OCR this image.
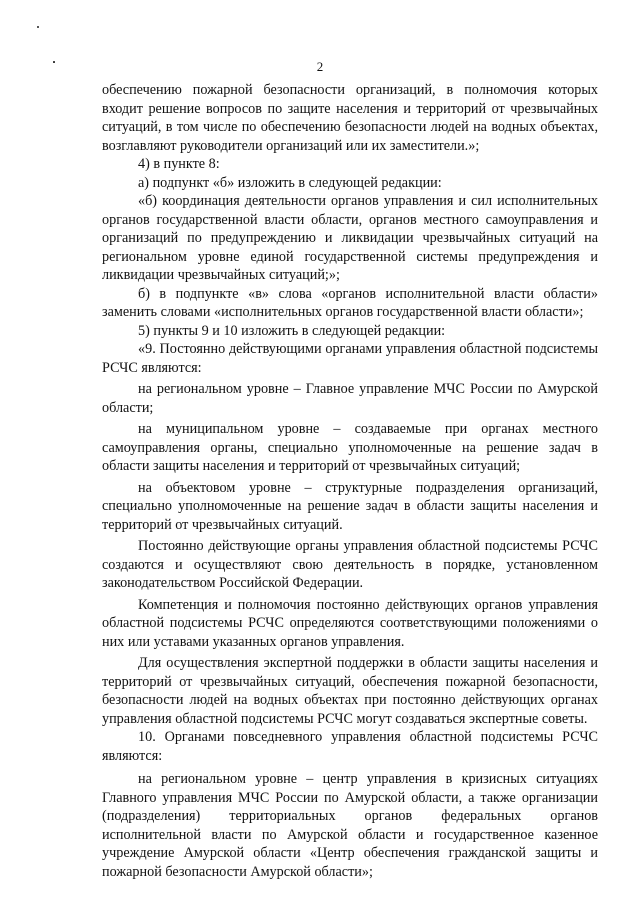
2

обеспечению пожарной безопасности организаций, в полномочия которых входит решение вопросов по защите населения и территорий от чрезвычайных ситуаций, в том числе по обеспечению безопасности людей на водных объектах, возглавляют руководители организаций или их заместители.»;

4) в пункте 8:

а) подпункт «б» изложить в следующей редакции:

«б) координация деятельности органов управления и сил исполнительных органов государственной власти области, органов местного самоуправления и организаций по предупреждению и ликвидации чрезвычайных ситуаций на региональном уровне единой государственной системы предупреждения и ликвидации чрезвычайных ситуаций;»;

б) в подпункте «в» слова «органов исполнительной власти области» заменить словами «исполнительных органов государственной власти области»;

5) пункты 9 и 10 изложить в следующей редакции:

«9. Постоянно действующими органами управления областной подсистемы РСЧС являются:

на региональном уровне – Главное управление МЧС России по Амурской области;

на муниципальном уровне – создаваемые при органах местного самоуправления органы, специально уполномоченные на решение задач в области защиты населения и территорий от чрезвычайных ситуаций;

на объектовом уровне – структурные подразделения организаций, специально уполномоченные на решение задач в области защиты населения и территорий от чрезвычайных ситуаций.

Постоянно действующие органы управления областной подсистемы РСЧС создаются и осуществляют свою деятельность в порядке, установленном законодательством Российской Федерации.

Компетенция и полномочия постоянно действующих органов управления областной подсистемы РСЧС определяются соответствующими положениями о них или уставами указанных органов управления.

Для осуществления экспертной поддержки в области защиты населения и территорий от чрезвычайных ситуаций, обеспечения пожарной безопасности, безопасности людей на водных объектах при постоянно действующих органах управления областной подсистемы РСЧС могут создаваться экспертные советы.

10. Органами повседневного управления областной подсистемы РСЧС являются:

на региональном уровне – центр управления в кризисных ситуациях Главного управления МЧС России по Амурской области, а также организации (подразделения) территориальных органов федеральных органов исполнительной власти по Амурской области и государственное казенное учреждение Амурской области «Центр обеспечения гражданской защиты и пожарной безопасности Амурской области»;
